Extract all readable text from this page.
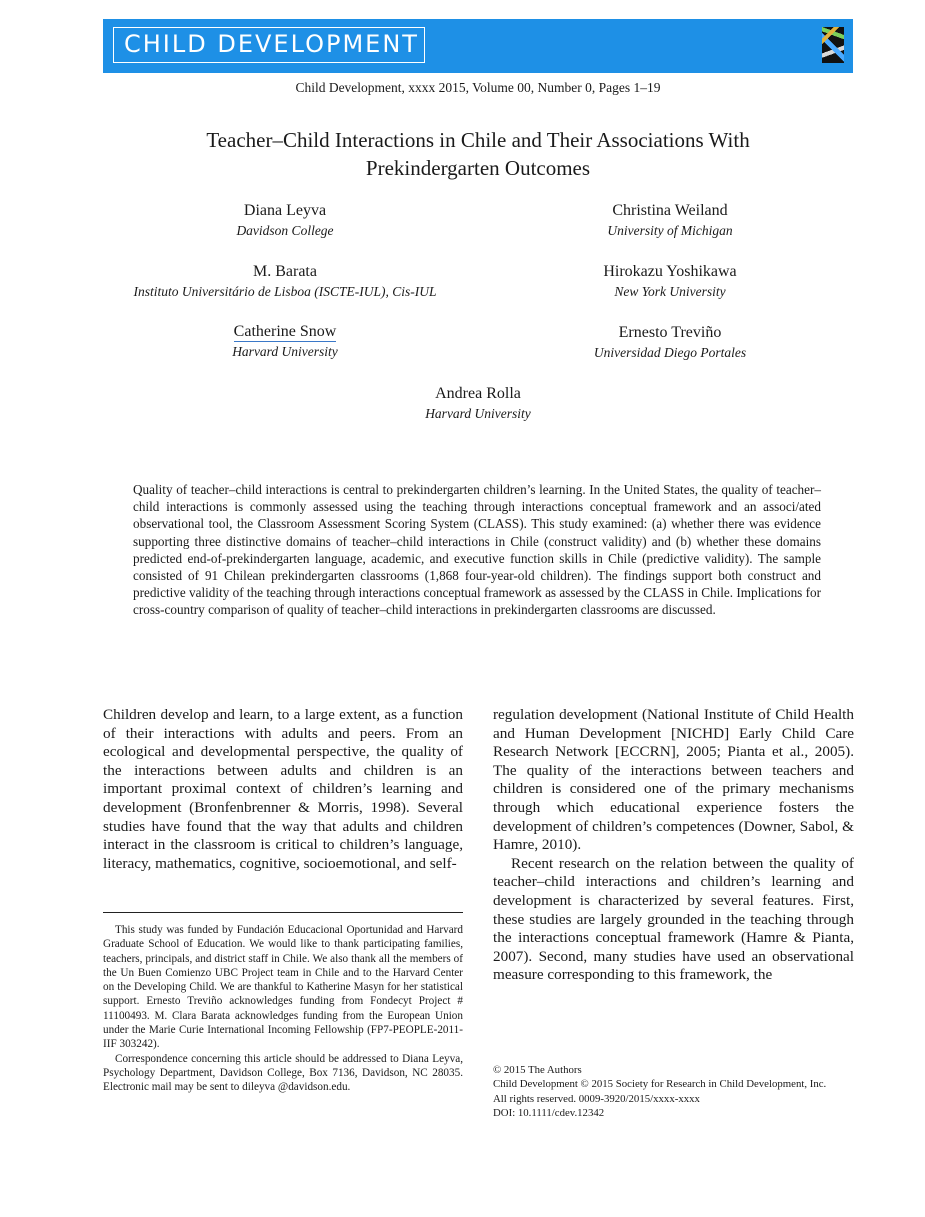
CHILD DEVELOPMENT
Child Development, xxxx 2015, Volume 00, Number 0, Pages 1–19
Teacher–Child Interactions in Chile and Their Associations With Prekindergarten Outcomes
Diana Leyva
Davidson College
Christina Weiland
University of Michigan
M. Barata
Instituto Universitário de Lisboa (ISCTE-IUL), Cis-IUL
Hirokazu Yoshikawa
New York University
Catherine Snow
Harvard University
Ernesto Treviño
Universidad Diego Portales
Andrea Rolla
Harvard University
Quality of teacher–child interactions is central to prekindergarten children’s learning. In the United States, the quality of teacher–child interactions is commonly assessed using the teaching through interactions conceptual framework and an associ/ated observational tool, the Classroom Assessment Scoring System (CLASS). This study examined: (a) whether there was evidence supporting three distinctive domains of teacher–child interactions in Chile (construct validity) and (b) whether these domains predicted end-of-prekindergarten language, academic, and executive function skills in Chile (predictive validity). The sample consisted of 91 Chilean prekindergarten classrooms (1,868 four-year-old children). The findings support both construct and predictive validity of the teaching through interactions conceptual framework as assessed by the CLASS in Chile. Implications for cross-country comparison of quality of teacher–child interactions in prekindergarten classrooms are discussed.

Children develop and learn, to a large extent, as a function of their interactions with adults and peers. From an ecological and developmental perspective, the quality of the interactions between adults and children is an important proximal context of children’s learning and development (Bronfenbrenner & Morris, 1998). Several studies have found that the way that adults and children interact in the classroom is critical to children’s language, literacy, mathematics, cognitive, socioemotional, and self-

regulation development (National Institute of Child Health and Human Development [NICHD] Early Child Care Research Network [ECCRN], 2005; Pianta et al., 2005). The quality of the interactions between teachers and children is considered one of the primary mechanisms through which educational experience fosters the development of children’s competences (Downer, Sabol, & Hamre, 2010).

Recent research on the relation between the quality of teacher–child interactions and children’s learning and development is characterized by several features. First, these studies are largely grounded in the teaching through the interactions conceptual framework (Hamre & Pianta, 2007). Second, many studies have used an observational measure corresponding to this framework, the

This study was funded by Fundación Educacional Oportunidad and Harvard Graduate School of Education. We would like to thank participating families, teachers, principals, and district staff in Chile. We also thank all the members of the Un Buen Comienzo UBC Project team in Chile and to the Harvard Center on the Developing Child. We are thankful to Katherine Masyn for her statistical support. Ernesto Treviño acknowledges funding from Fondecyt Project # 11100493. M. Clara Barata acknowledges funding from the European Union under the Marie Curie International Incoming Fellowship (FP7-PEOPLE-2011-IIF 303242).

Correspondence concerning this article should be addressed to Diana Leyva, Psychology Department, Davidson College, Box 7136, Davidson, NC 28035. Electronic mail may be sent to dileyva @davidson.edu.

© 2015 The Authors
Child Development © 2015 Society for Research in Child Development, Inc.
All rights reserved. 0009-3920/2015/xxxx-xxxx
DOI: 10.1111/cdev.12342
